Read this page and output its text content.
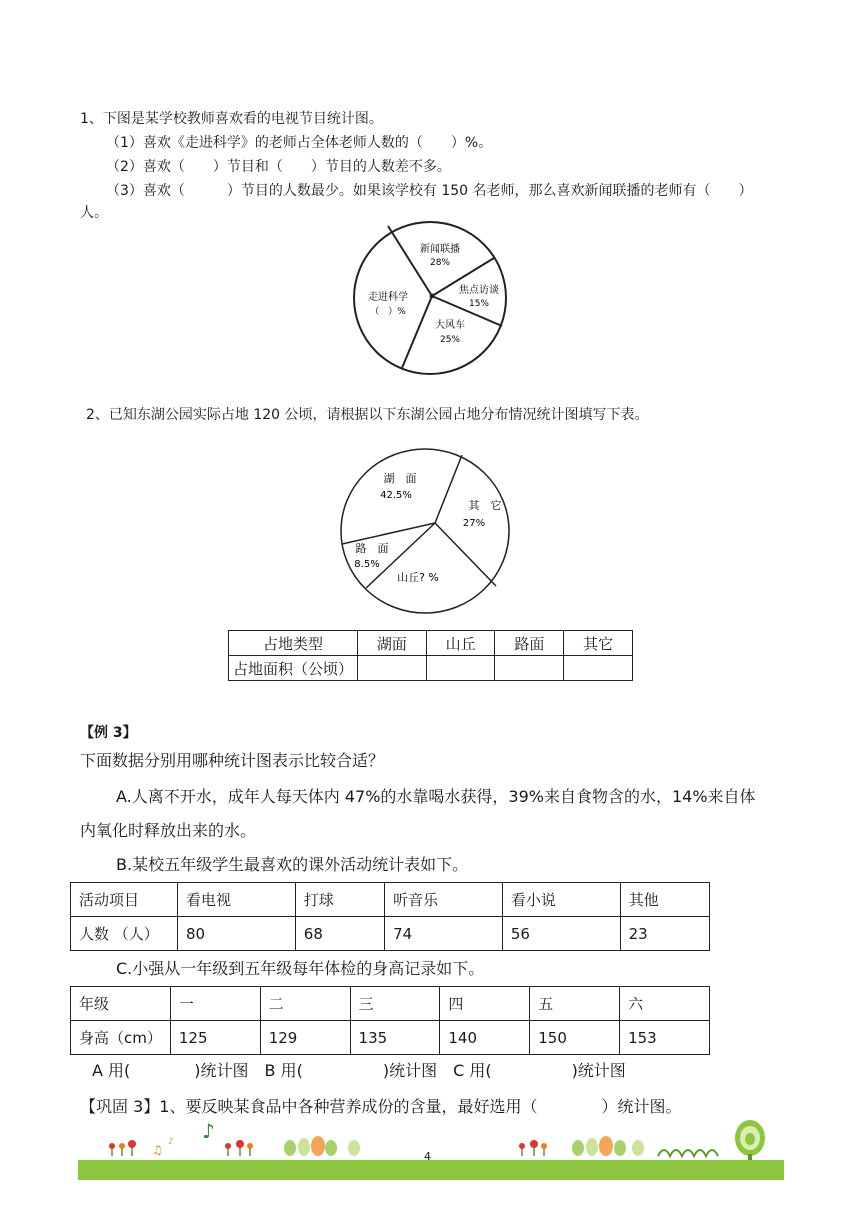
1、下图是某学校教师喜欢看的电视节目统计图。
（1）喜欢《走进科学》的老师占全体老师人数的（　　）%。
（2）喜欢（　　）节目和（　　）节目的人数差不多。
（3）喜欢（　　　）节目的人数最少。如果该学校有 150 名老师，那么喜欢新闻联播的老师有（　　）
人。
新闻联播
28%
焦点访谈
15%
大风车
25%
走进科学
（　）%
2、已知东湖公园实际占地 120 公顷，请根据以下东湖公园占地分布情况统计图填写下表。
湖　面
42.5%
其　它
27%
山丘? %
路　面
8.5%
占地类型	湖面	山丘	路面	其它
占地面积（公顷）				
【例 3】
下面数据分别用哪种统计图表示比较合适？
A.人离不开水，成年人每天体内 47%的水靠喝水获得，39%来自食物含的水，14%来自体
内氧化时释放出来的水。
B.某校五年级学生最喜欢的课外活动统计表如下。
活动项目	看电视	打球	听音乐	看小说	其他
人数 （人）	80	68	74	56	23
C.小强从一年级到五年级每年体检的身高记录如下。
年级	一	二	三	四	五	六
身高（cm）	125	129	135	140	150	153
A 用(　　　　)统计图　B 用(　　　　　)统计图　C 用(　　　　　)统计图
【巩固 3】1、要反映某食品中各种营养成份的含量，最好选用（　　　　）统计图。
♫
♪ ♪
4
